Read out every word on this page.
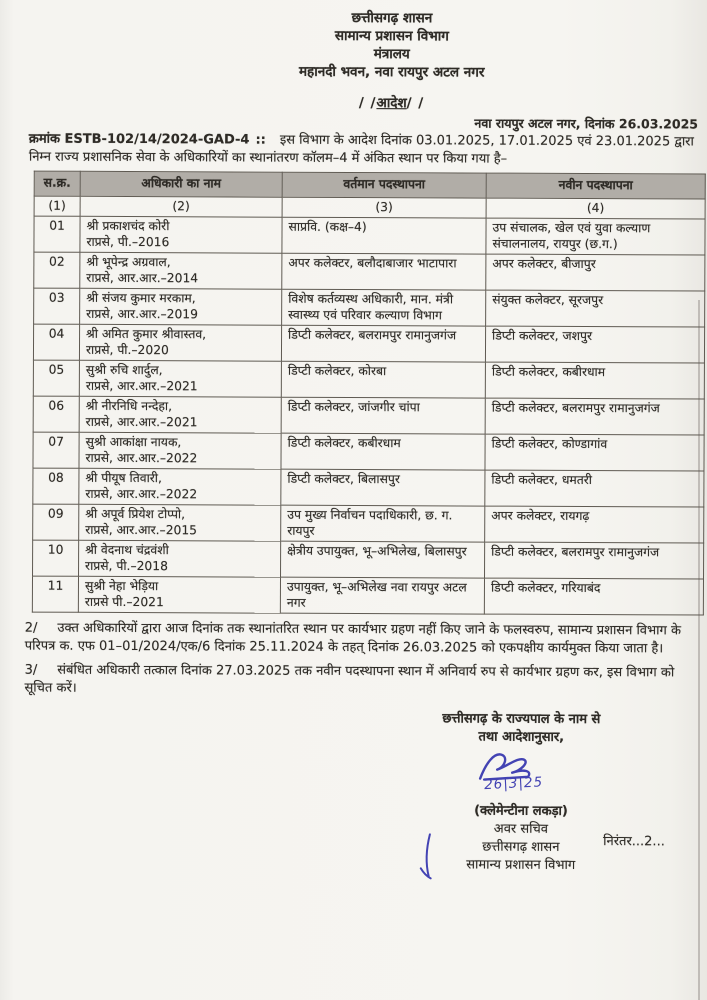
छत्तीसगढ़ शासन
सामान्य प्रशासन विभाग
मंत्रालय
महानदी भवन, नवा रायपुर अटल नगर
/ /आदेश/ /
नवा रायपुर अटल नगर, दिनांक 26.03.2025

क्रमांक ESTB-102/14/2024-GAD-4 :: इस विभाग के आदेश दिनांक 03.01.2025, 17.01.2025 एवं 23.01.2025 द्वारा निम्न राज्य प्रशासनिक सेवा के अधिकारियों का स्थानांतरण कॉलम–4 में अंकित स्थान पर किया गया है–

स.क्र.	अधिकारी का नाम	वर्तमान पदस्थापना	नवीन पदस्थापना
(1)	(2)	(3)	(4)
01	श्री प्रकाशचंद कोरी
राप्रसे, पी.–2016	साप्रवि. (कक्ष–4)	उप संचालक, खेल एवं युवा कल्याण संचालनालय, रायपुर (छ.ग.)
02	श्री भूपेन्द्र अग्रवाल,
राप्रसे, आर.आर.–2014	अपर कलेक्टर, बलौदाबाजार भाटापारा	अपर कलेक्टर, बीजापुर
03	श्री संजय कुमार मरकाम,
राप्रसे, आर.आर.–2019	विशेष कर्तव्यस्थ अधिकारी, मान. मंत्री स्वास्थ्य एवं परिवार कल्याण विभाग	संयुक्त कलेक्टर, सूरजपुर
04	श्री अमित कुमार श्रीवास्तव,
राप्रसे, पी.–2020	डिप्टी कलेक्टर, बलरामपुर रामानुजगंज	डिप्टी कलेक्टर, जशपुर
05	सुश्री रुचि शार्दुल,
राप्रसे, आर.आर.–2021	डिप्टी कलेक्टर, कोरबा	डिप्टी कलेक्टर, कबीरधाम
06	श्री नीरनिधि नन्देहा,
राप्रसे, आर.आर.–2021	डिप्टी कलेक्टर, जांजगीर चांपा	डिप्टी कलेक्टर, बलरामपुर रामानुजगंज
07	सुश्री आकांक्षा नायक,
राप्रसे, आर.आर.–2022	डिप्टी कलेक्टर, कबीरधाम	डिप्टी कलेक्टर, कोण्डागांव
08	श्री पीयूष तिवारी,
राप्रसे, आर.आर.–2022	डिप्टी कलेक्टर, बिलासपुर	डिप्टी कलेक्टर, धमतरी
09	श्री अपूर्व प्रियेश टोप्पो,
राप्रसे, आर.आर.–2015	उप मुख्य निर्वाचन पदाधिकारी, छ. ग. रायपुर	अपर कलेक्टर, रायगढ़
10	श्री वेदनाथ चंद्रवंशी
राप्रसे, पी.–2018	क्षेत्रीय उपायुक्त, भू–अभिलेख, बिलासपुर	डिप्टी कलेक्टर, बलरामपुर रामानुजगंज
11	सुश्री नेहा भेड़िया
राप्रसे पी.–2021	उपायुक्त, भू–अभिलेख नवा रायपुर अटल नगर	डिप्टी कलेक्टर, गरियाबंद

2/ उक्त अधिकारियों द्वारा आज दिनांक तक स्थानांतरित स्थान पर कार्यभार ग्रहण नहीं किए जाने के फलस्वरुप, सामान्य प्रशासन विभाग के परिपत्र क. एफ 01–01/2024/एक/6 दिनांक 25.11.2024 के तहत् दिनांक 26.03.2025 को एकपक्षीय कार्यमुक्त किया जाता है।

3/ संबंधित अधिकारी तत्काल दिनांक 27.03.2025 तक नवीन पदस्थापना स्थान में अनिवार्य रुप से कार्यभार ग्रहण कर, इस विभाग को सूचित करें।

छत्तीसगढ़ के राज्यपाल के नाम से
तथा आदेशानुसार,
26|3|25
(क्लेमेन्टीना लकड़ा)
अवर सचिव
छत्तीसगढ़ शासन
सामान्य प्रशासन विभाग
निरंतर...2...
